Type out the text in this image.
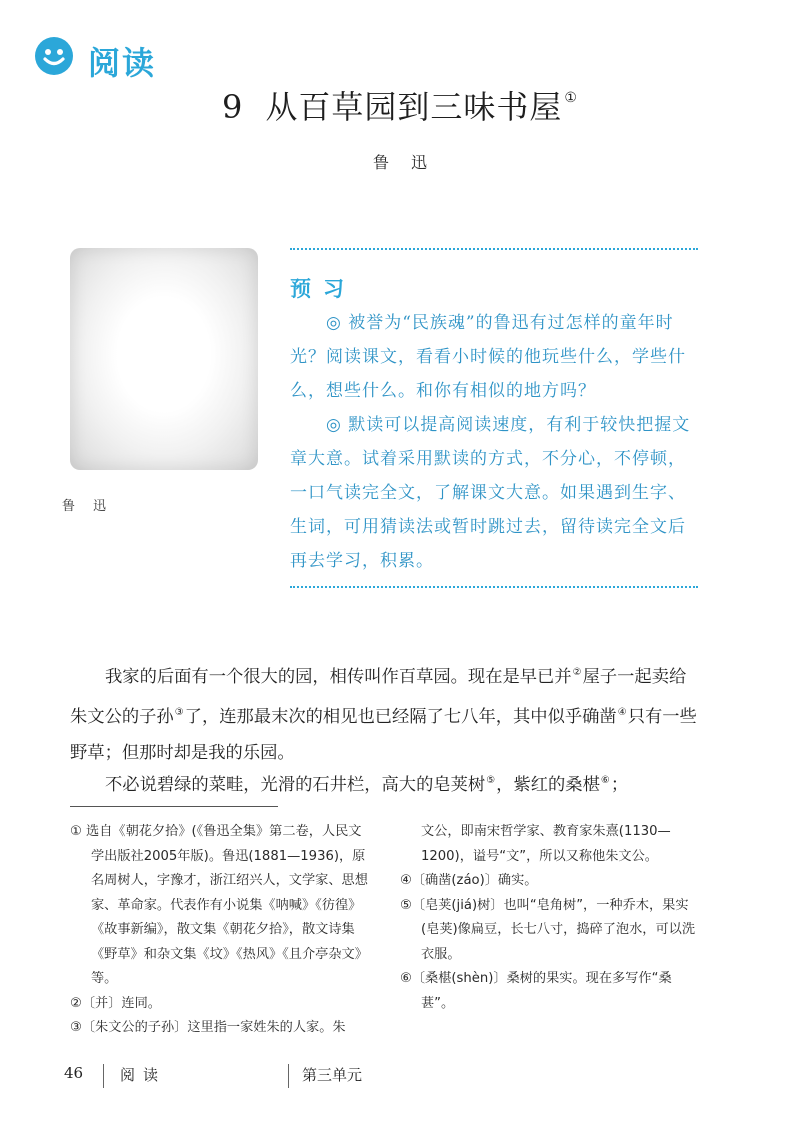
阅读
9 从百草园到三味书屋 ①
鲁迅
鲁迅
预习
◎ 被誉为“民族魂”的鲁迅有过怎样的童年时光？阅读课文，看看小时候的他玩些什么，学些什么，想些什么。和你有相似的地方吗？
◎ 默读可以提高阅读速度，有利于较快把握文章大意。试着采用默读的方式，不分心，不停顿，一口气读完全文，了解课文大意。如果遇到生字、生词，可用猜读法或暂时跳过去，留待读完全文后再去学习，积累。
我家的后面有一个很大的园，相传叫作百草园。现在是早已并②屋子一起卖给朱文公的子孙③了，连那最末次的相见也已经隔了七八年，其中似乎确凿④只有一些野草；但那时却是我的乐园。
不必说碧绿的菜畦，光滑的石井栏，高大的皂荚树⑤，紫红的桑椹⑥；
① 选自《朝花夕拾》(《鲁迅全集》第二卷，人民文学出版社2005年版)。鲁迅(1881—1936)，原名周树人，字豫才，浙江绍兴人，文学家、思想家、革命家。代表作有小说集《呐喊》《彷徨》《故事新编》，散文集《朝花夕拾》，散文诗集《野草》和杂文集《坟》《热风》《且介亭杂文》等。
②〔并〕连同。
③〔朱文公的子孙〕这里指一家姓朱的人家。朱
文公，即南宋哲学家、教育家朱熹(1130—1200)，谥号“文”，所以又称他朱文公。
④〔确凿(záo)〕确实。
⑤〔皂荚(jiá)树〕也叫“皂角树”，一种乔木，果实(皂荚)像扁豆，长七八寸，捣碎了泡水，可以洗衣服。
⑥〔桑椹(shèn)〕桑树的果实。现在多写作“桑葚”。
46 阅读	第三单元
